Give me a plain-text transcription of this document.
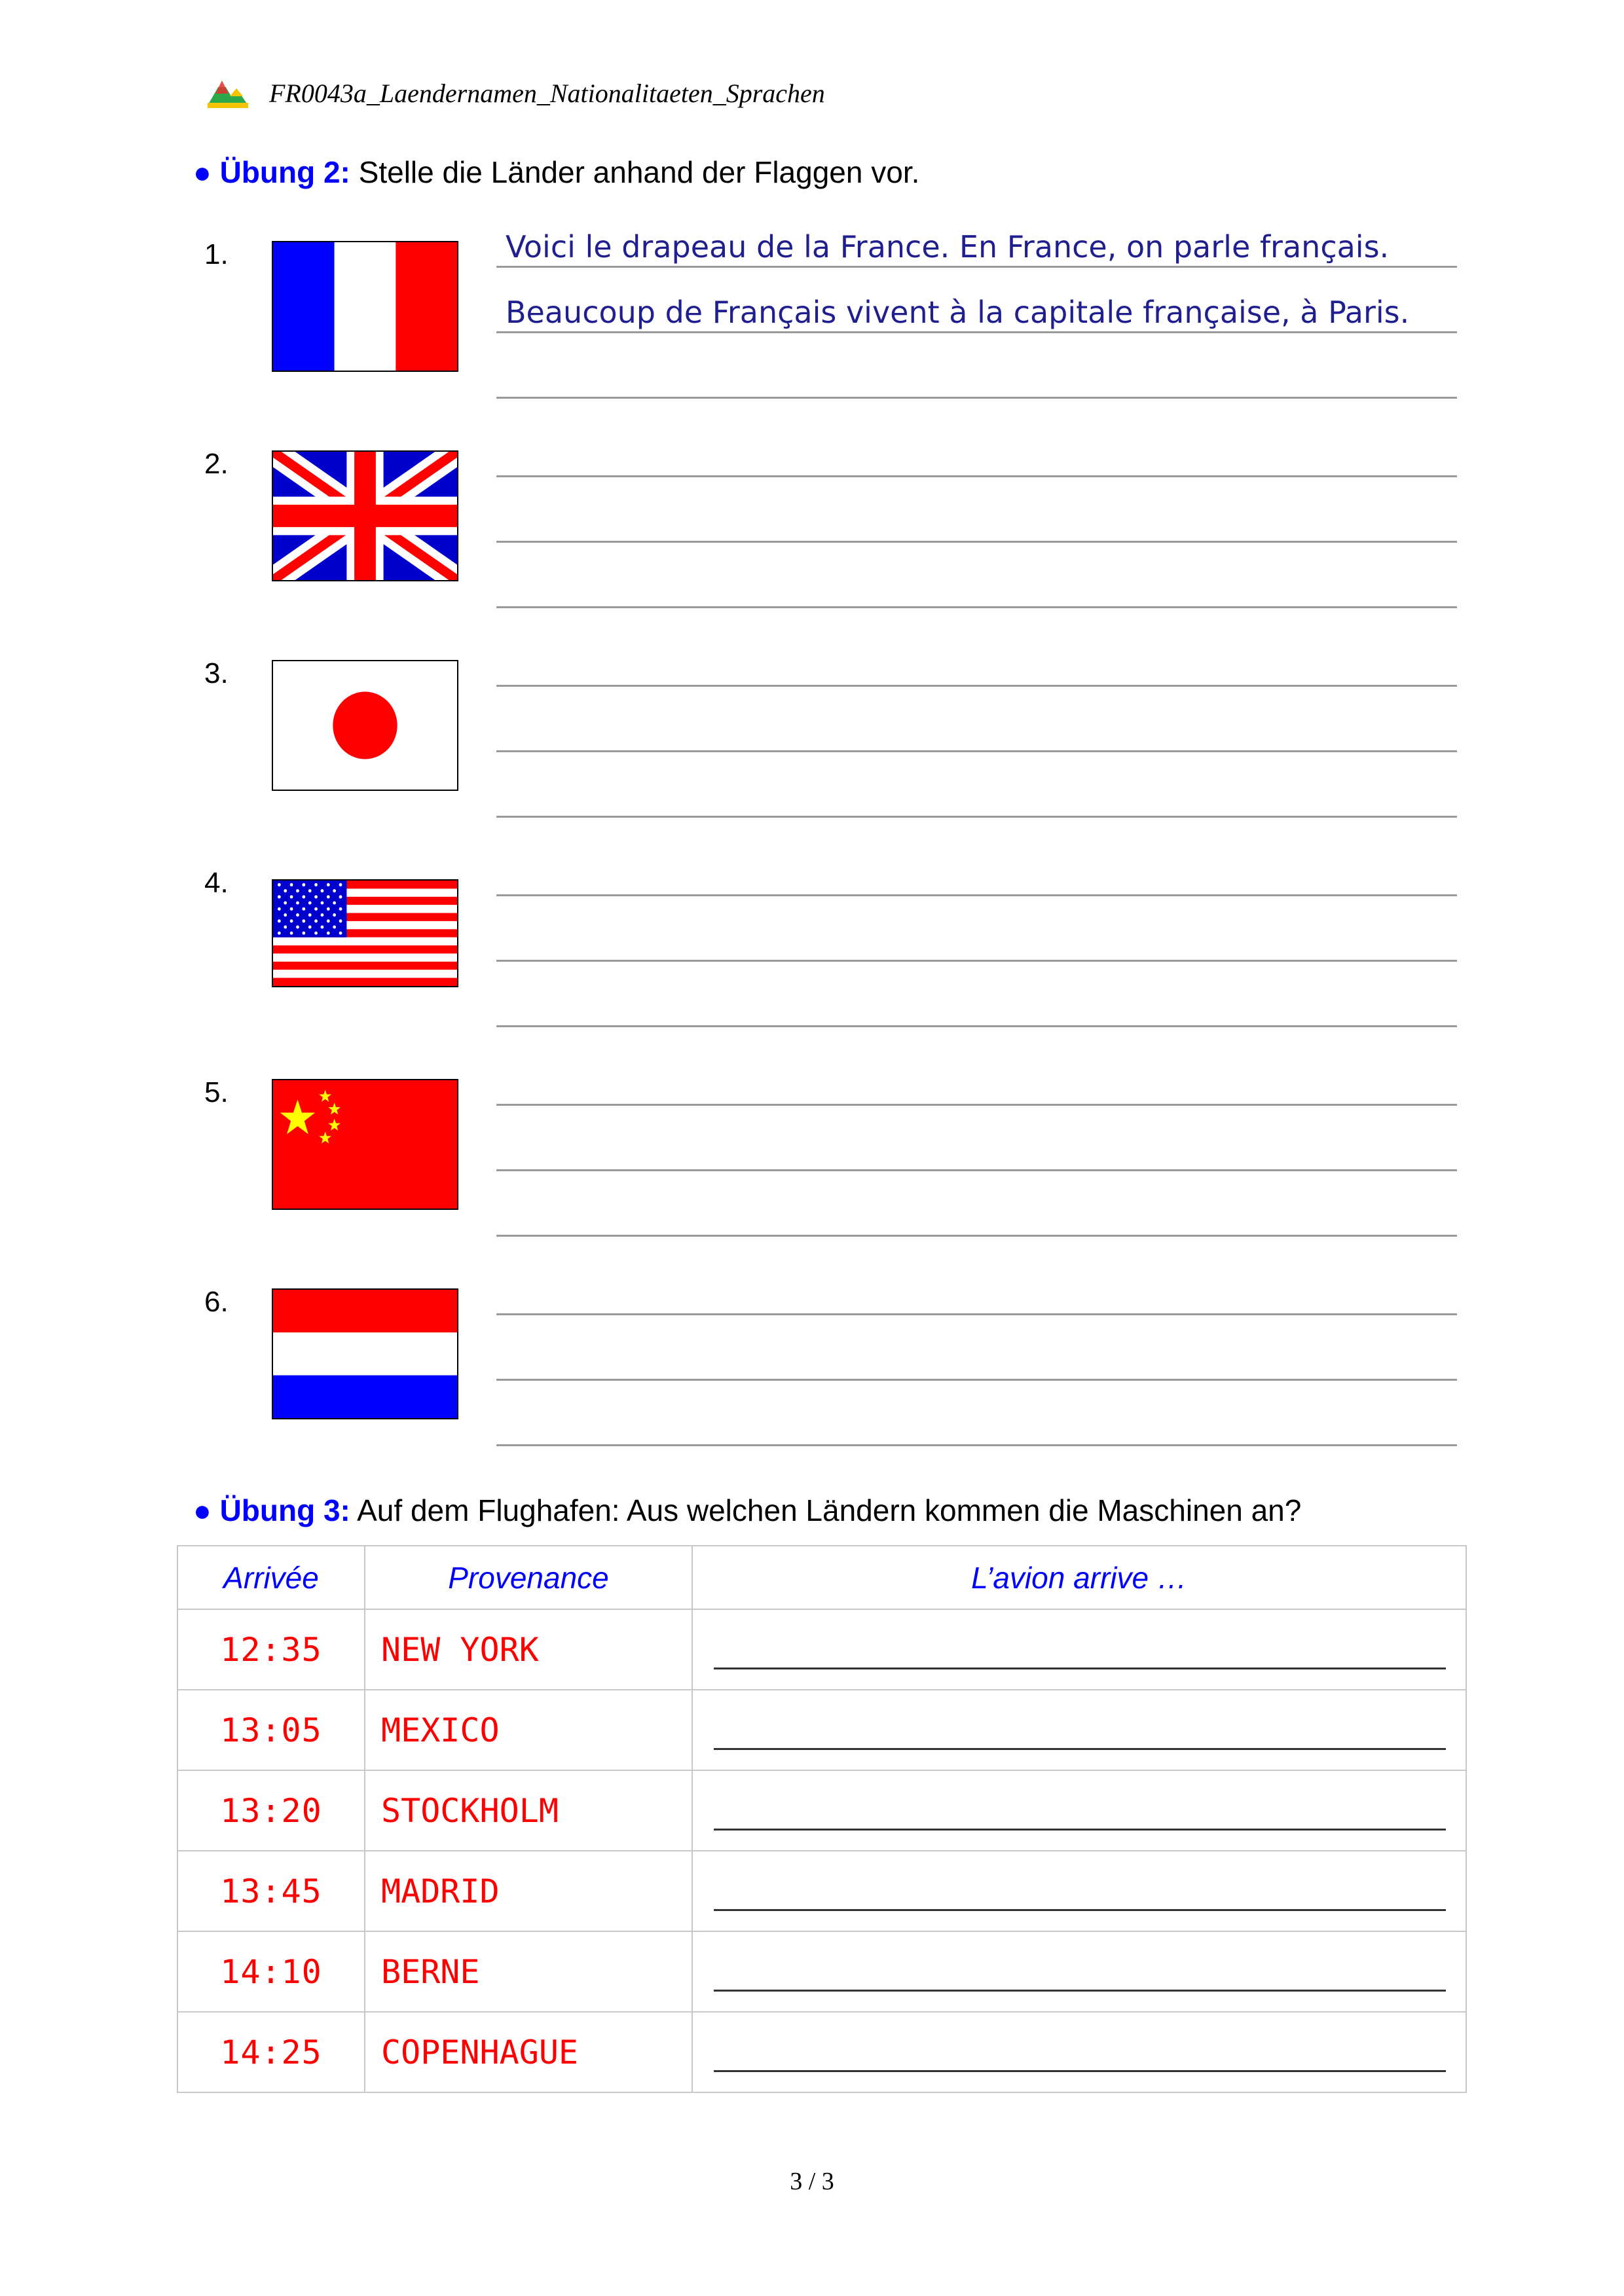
FR0043a_Laendernamen_Nationalitaeten_Sprachen
● Übung 2: Stelle die Länder anhand der Flaggen vor.
1.	Voici le drapeau de la France. En France, on parle français.
Beaucoup de Français vivent à la capitale française, à Paris.
2.
3.
4.
5.
6.
● Übung 3: Auf dem Flughafen: Aus welchen Ländern kommen die Maschinen an?
Arrivée	Provenance	L’avion arrive …
12:35	NEW YORK	

13:05	MEXICO	

13:20	STOCKHOLM	

13:45	MADRID	

14:10	BERNE	

14:25	COPENHAGUE	
3 / 3
